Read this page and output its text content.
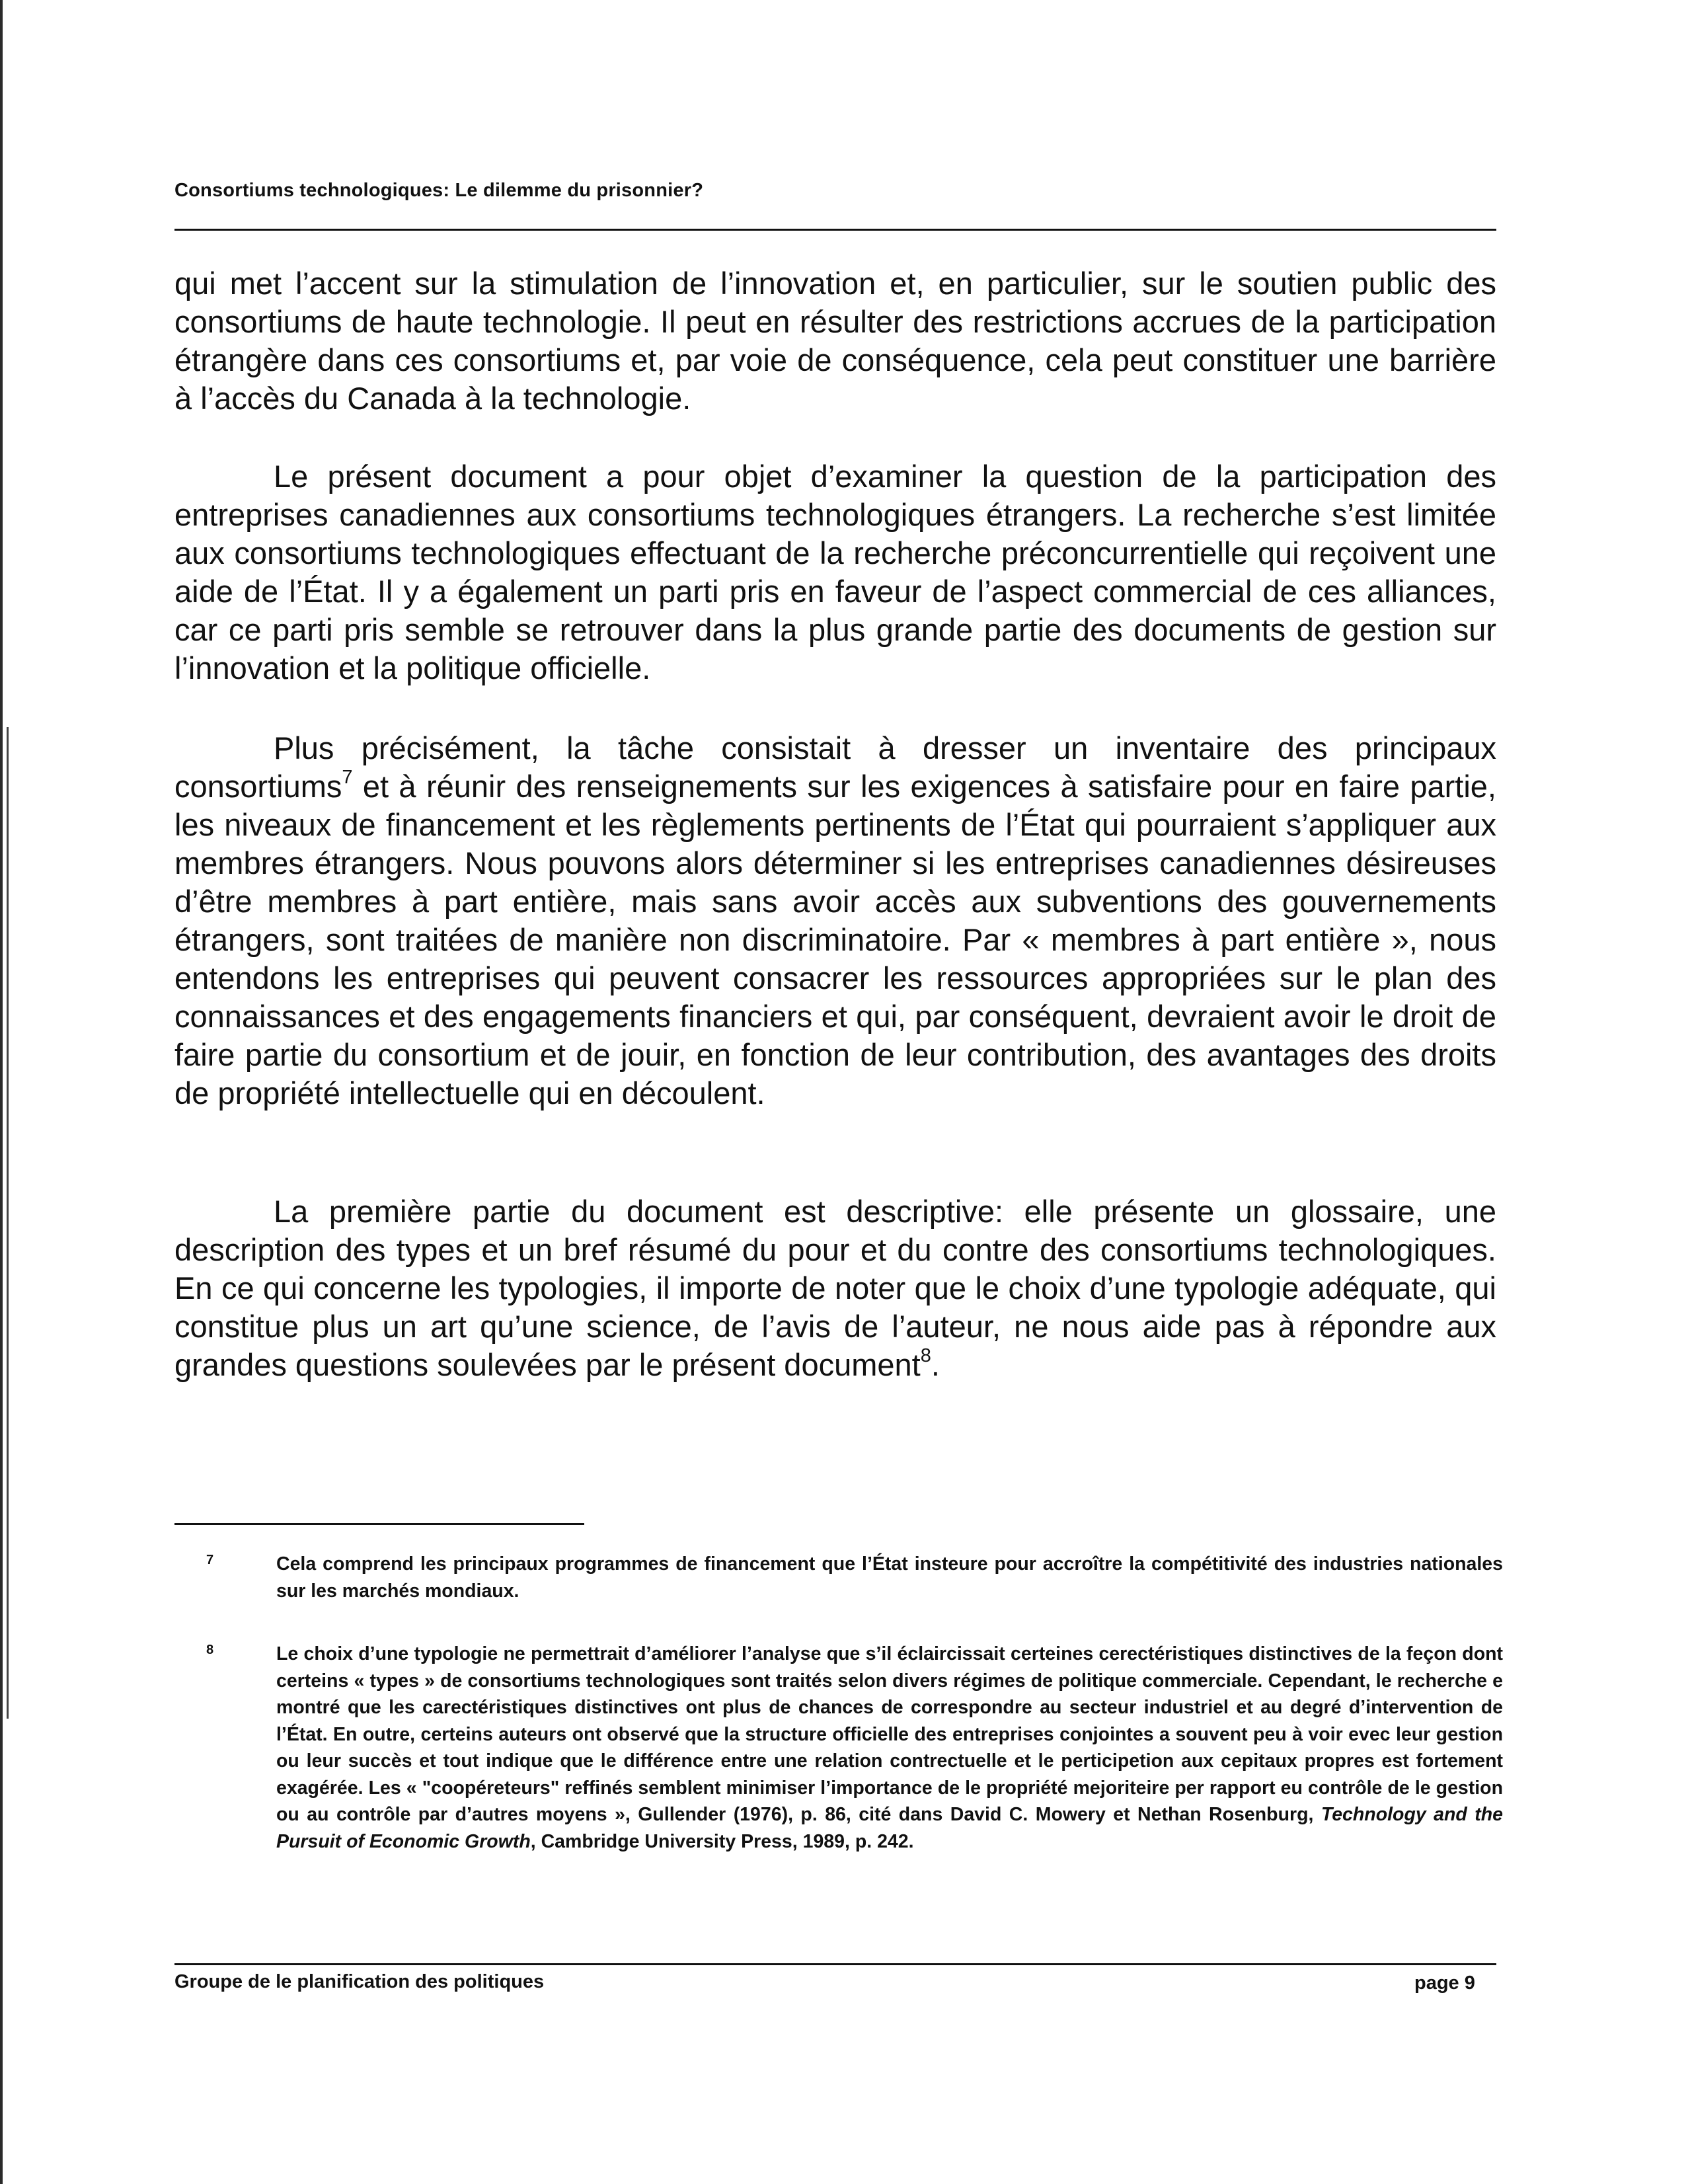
Consortiums technologiques: Le dilemme du prisonnier?

qui met l’accent sur la stimulation de l’innovation et, en particulier, sur le soutien public des consortiums de haute technologie. Il peut en résulter des restrictions accrues de la participation étrangère dans ces consortiums et, par voie de conséquence, cela peut constituer une barrière à l’accès du Canada à la technologie.

Le présent document a pour objet d’examiner la question de la participation des entreprises canadiennes aux consortiums technologiques étrangers. La recherche s’est limitée aux consortiums technologiques effectuant de la recherche préconcurrentielle qui reçoivent une aide de l’État. Il y a également un parti pris en faveur de l’aspect commercial de ces alliances, car ce parti pris semble se retrouver dans la plus grande partie des documents de gestion sur l’innovation et la politique officielle.

Plus précisément, la tâche consistait à dresser un inventaire des principaux consortiums$^7$ et à réunir des renseignements sur les exigences à satisfaire pour en faire partie, les niveaux de financement et les règlements pertinents de l’État qui pourraient s’appliquer aux membres étrangers. Nous pouvons alors déterminer si les entreprises canadiennes désireuses d’être membres à part entière, mais sans avoir accès aux subventions des gouvernements étrangers, sont traitées de manière non discriminatoire. Par « membres à part entière », nous entendons les entreprises qui peuvent consacrer les ressources appropriées sur le plan des connaissances et des engagements financiers et qui, par conséquent, devraient avoir le droit de faire partie du consortium et de jouir, en fonction de leur contribution, des avantages des droits de propriété intellectuelle qui en découlent.

La première partie du document est descriptive: elle présente un glossaire, une description des types et un bref résumé du pour et du contre des consortiums technologiques. En ce qui concerne les typologies, il importe de noter que le choix d’une typologie adéquate, qui constitue plus un art qu’une science, de l’avis de l’auteur, ne nous aide pas à répondre aux grandes questions soulevées par le présent document$^8$.

7	Cela comprend les principaux programmes de financement que l’État insteure pour accroître la compétitivité des industries nationales sur les marchés mondiaux.
8	Le choix d’une typologie ne permettrait d’améliorer l’analyse que s’il éclaircissait certeines cerectéristiques distinctives de la feçon dont certeins « types » de consortiums technologiques sont traités selon divers régimes de politique commerciale. Cependant, le recherche e montré que les carectéristiques distinctives ont plus de chances de correspondre au secteur industriel et au degré d’intervention de l’État. En outre, certeins auteurs ont observé que la structure officielle des entreprises conjointes a souvent peu à voir evec leur gestion ou leur succès et tout indique que le différence entre une relation contrectuelle et le perticipetion aux cepitaux propres est fortement exagérée. Les « "coopéreteurs" reffinés semblent minimiser l’importance de le propriété mejoriteire per rapport eu contrôle de le gestion ou au contrôle par d’autres moyens », Gullender (1976), p. 86, cité dans David C. Mowery et Nethan Rosenburg, Technology and the Pursuit of Economic Growth, Cambridge University Press, 1989, p. 242.
Groupe de le planification des politiques	page 9
